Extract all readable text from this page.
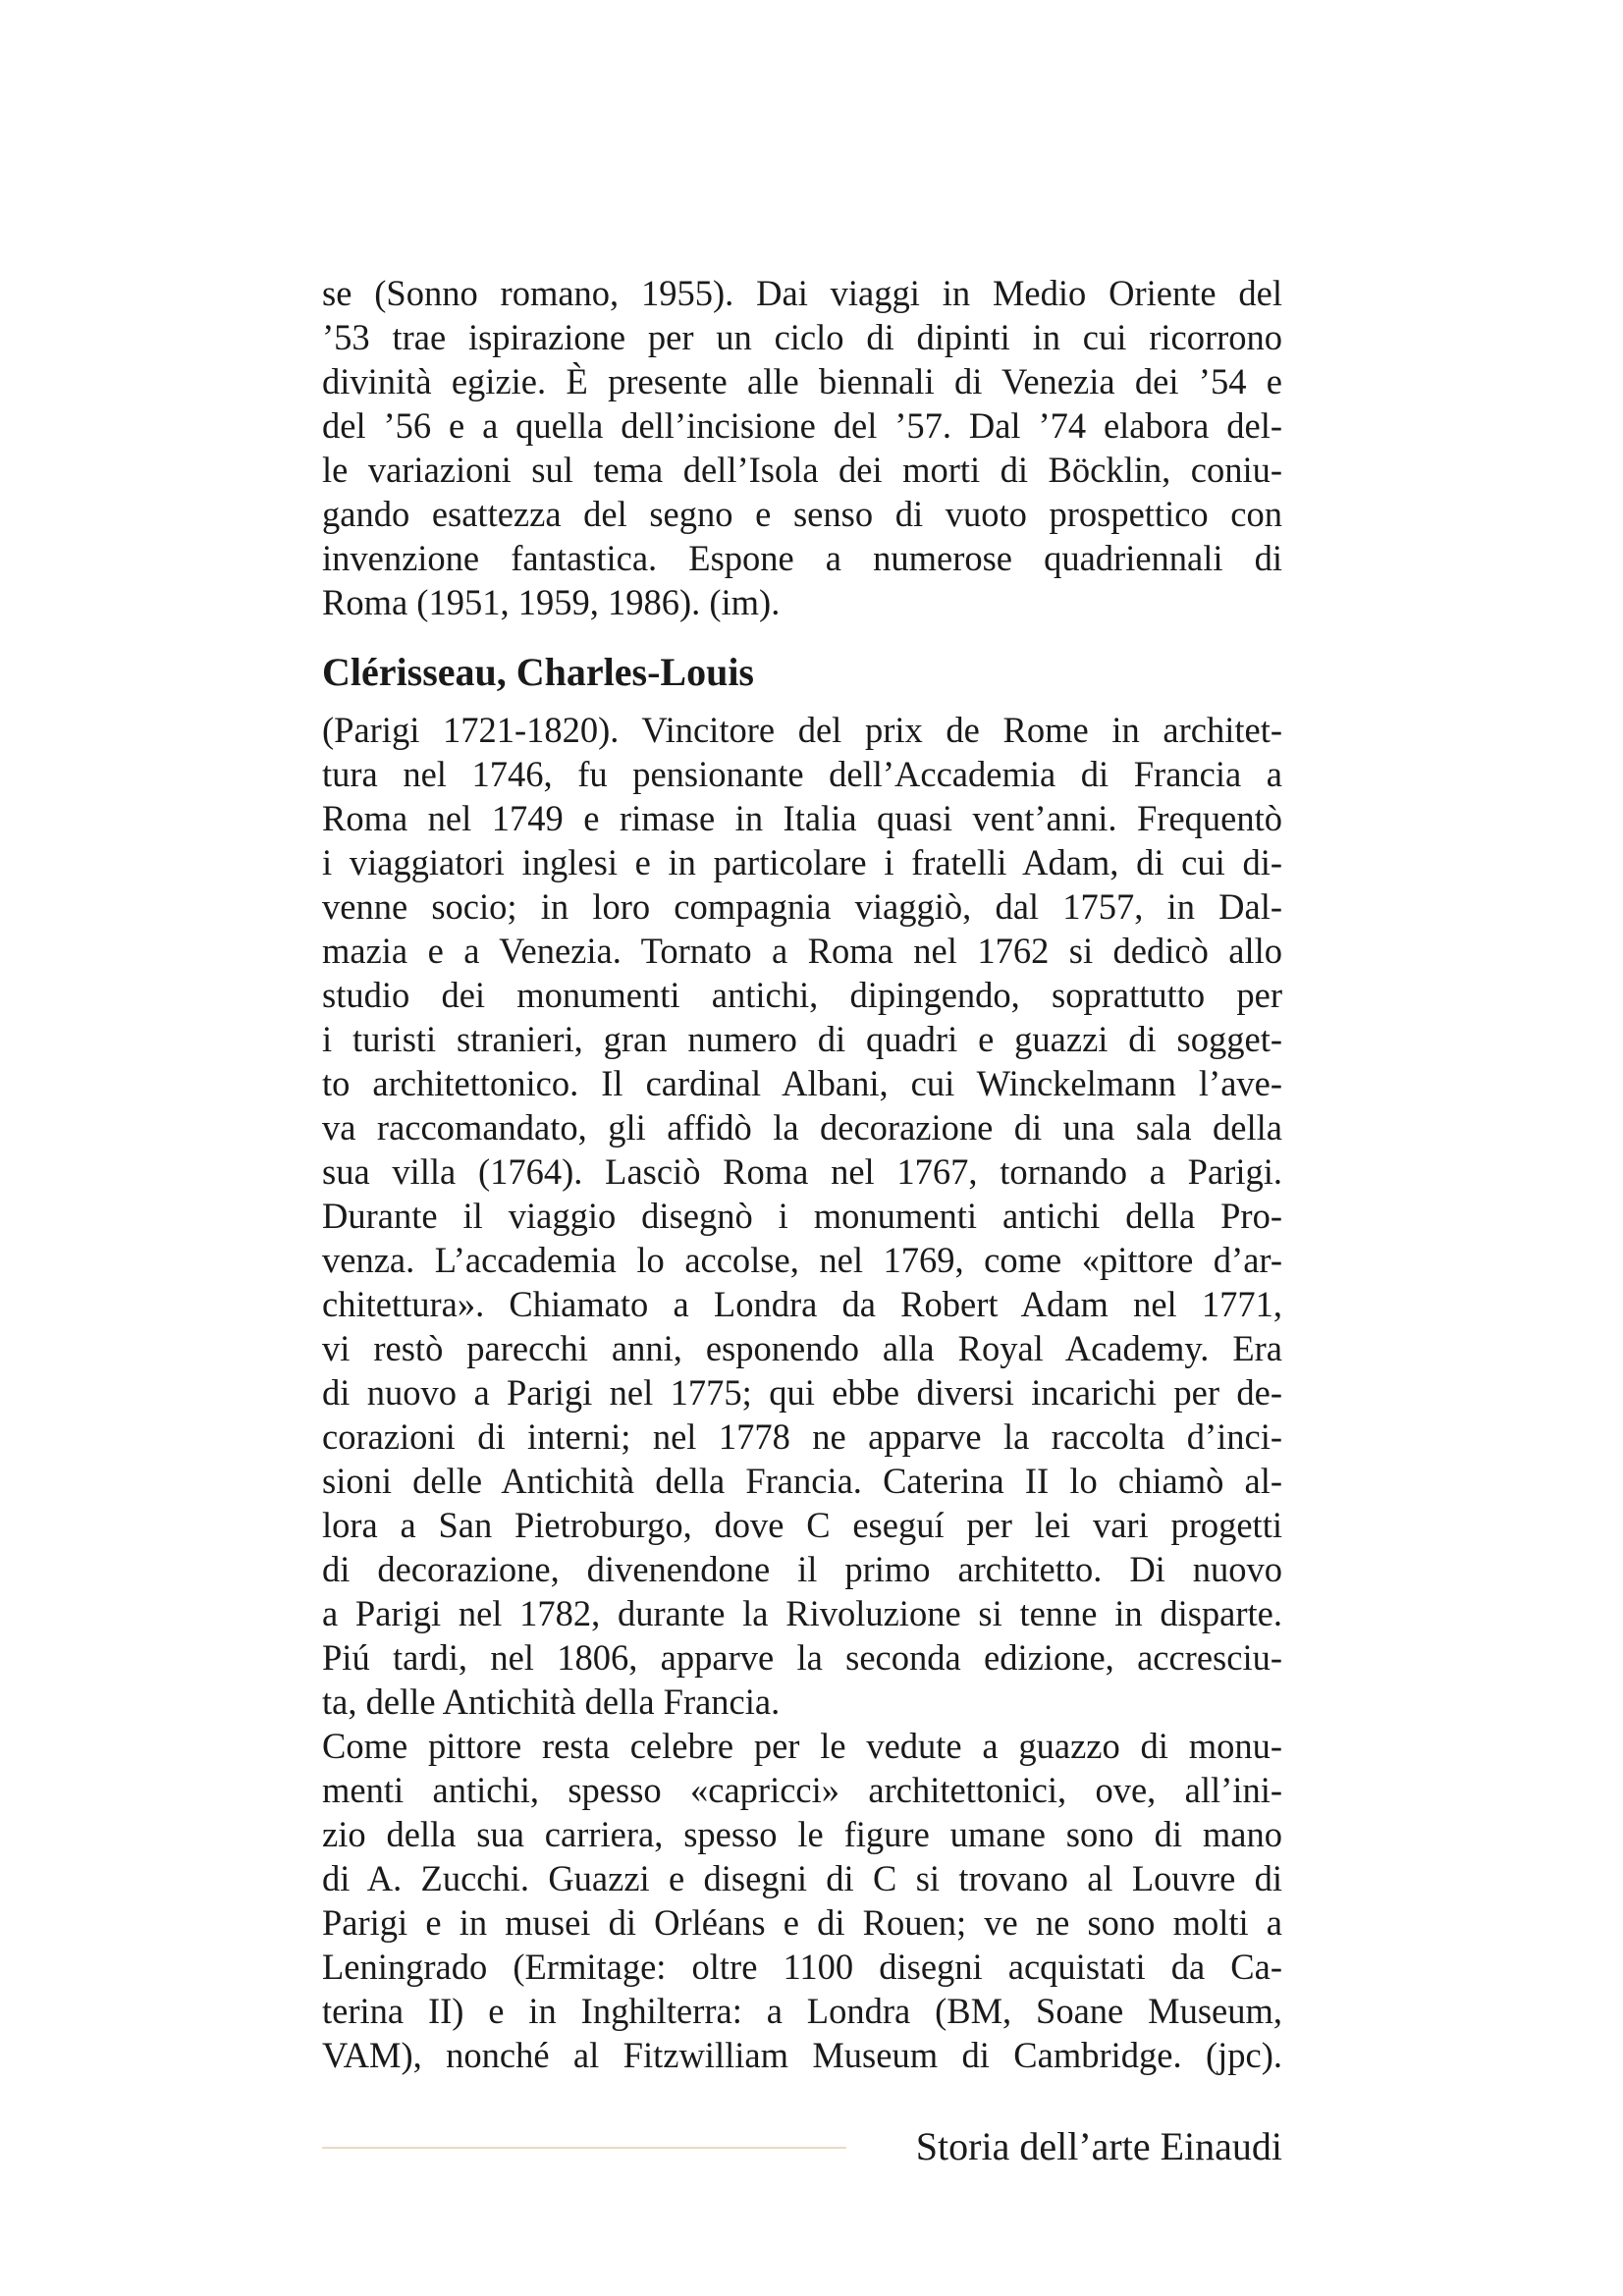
se (Sonno romano, 1955). Dai viaggi in Medio Oriente del
’53 trae ispirazione per un ciclo di dipinti in cui ricorrono
divinità egizie. È presente alle biennali di Venezia dei ’54 e
del ’56 e a quella dell’incisione del ’57. Dal ’74 elabora del-
le variazioni sul tema dell’Isola dei morti di Böcklin, coniu-
gando esattezza del segno e senso di vuoto prospettico con
invenzione fantastica. Espone a numerose quadriennali di
Roma (1951, 1959, 1986). (im).
Clérisseau, Charles-Louis
(Parigi 1721-1820). Vincitore del prix de Rome in architet-
tura nel 1746, fu pensionante dell’Accademia di Francia a
Roma nel 1749 e rimase in Italia quasi vent’anni. Frequentò
i viaggiatori inglesi e in particolare i fratelli Adam, di cui di-
venne socio; in loro compagnia viaggiò, dal 1757, in Dal-
mazia e a Venezia. Tornato a Roma nel 1762 si dedicò allo
studio dei monumenti antichi, dipingendo, soprattutto per
i turisti stranieri, gran numero di quadri e guazzi di sogget-
to architettonico. Il cardinal Albani, cui Winckelmann l’ave-
va raccomandato, gli affidò la decorazione di una sala della
sua villa (1764). Lasciò Roma nel 1767, tornando a Parigi.
Durante il viaggio disegnò i monumenti antichi della Pro-
venza. L’accademia lo accolse, nel 1769, come «pittore d’ar-
chitettura». Chiamato a Londra da Robert Adam nel 1771,
vi restò parecchi anni, esponendo alla Royal Academy. Era
di nuovo a Parigi nel 1775; qui ebbe diversi incarichi per de-
corazioni di interni; nel 1778 ne apparve la raccolta d’inci-
sioni delle Antichità della Francia. Caterina II lo chiamò al-
lora a San Pietroburgo, dove C eseguí per lei vari progetti
di decorazione, divenendone il primo architetto. Di nuovo
a Parigi nel 1782, durante la Rivoluzione si tenne in disparte.
Piú tardi, nel 1806, apparve la seconda edizione, accresciu-
ta, delle Antichità della Francia.
Come pittore resta celebre per le vedute a guazzo di monu-
menti antichi, spesso «capricci» architettonici, ove, all’ini-
zio della sua carriera, spesso le figure umane sono di mano
di A. Zucchi. Guazzi e disegni di C si trovano al Louvre di
Parigi e in musei di Orléans e di Rouen; ve ne sono molti a
Leningrado (Ermitage: oltre 1100 disegni acquistati da Ca-
terina II) e in Inghilterra: a Londra (BM, Soane Museum,
VAM), nonché al Fitzwilliam Museum di Cambridge. (jpc).
Storia dell’arte Einaudi
